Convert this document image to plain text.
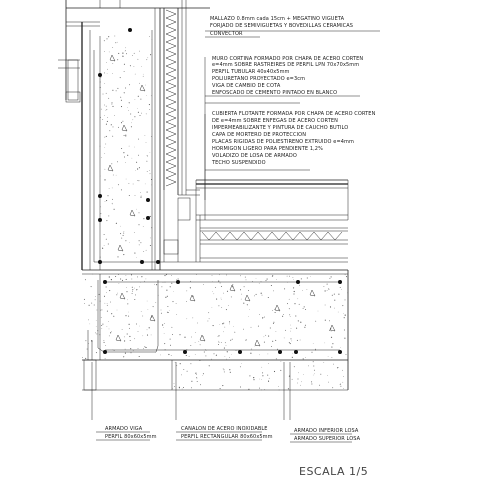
MALLAZO 0.8mm cada 15cm + MEGATINO VIGUETA
FORJADO DE SEMIVIGUETAS Y BOVEDILLAS CERAMICAS
CONVECTOR
MURO CORTINA FORMADO POR CHAPA DE ACERO CORTEN
e=4mm SOBRE RASTREIRES DE PERFIL LPN 70x70x5mm
PERFIL TUBULAR 40x40x5mm
POLIURETANO PROYECTADO e=3cm
VIGA DE CAMBIO DE COTA
ENFOSCADO DE CEMENTO PINTADO EN BLANCO
CUBIERTA FLOTANTE FORMADA POR CHAPA DE ACERO CORTEN
DE e=4mm SOBRE ENFEGAS DE ACERO CORTEN
IMPERMEABILIZANTE Y PINTURA DE CAUCHO BUTILO
CAPA DE MORTERO DE PROTECCION
PLACAS RIGIDAS DE POLIESTIRENO EXTRUIDO e=4mm
HORMIGON LIGERO PARA PENDIENTE 1,2%
VOLADIZO DE LOSA DE ARMADO
TECHO SUSPENDIDO
ARMADO VIGA
PERFIL 80x60x5mm
CANALON DE ACERO INOXIDABLE
PERFIL RECTANGULAR 80x60x5mm
ARMADO INFERIOR LOSA
ARMADO SUPERIOR LOSA
ESCALA 1/5
